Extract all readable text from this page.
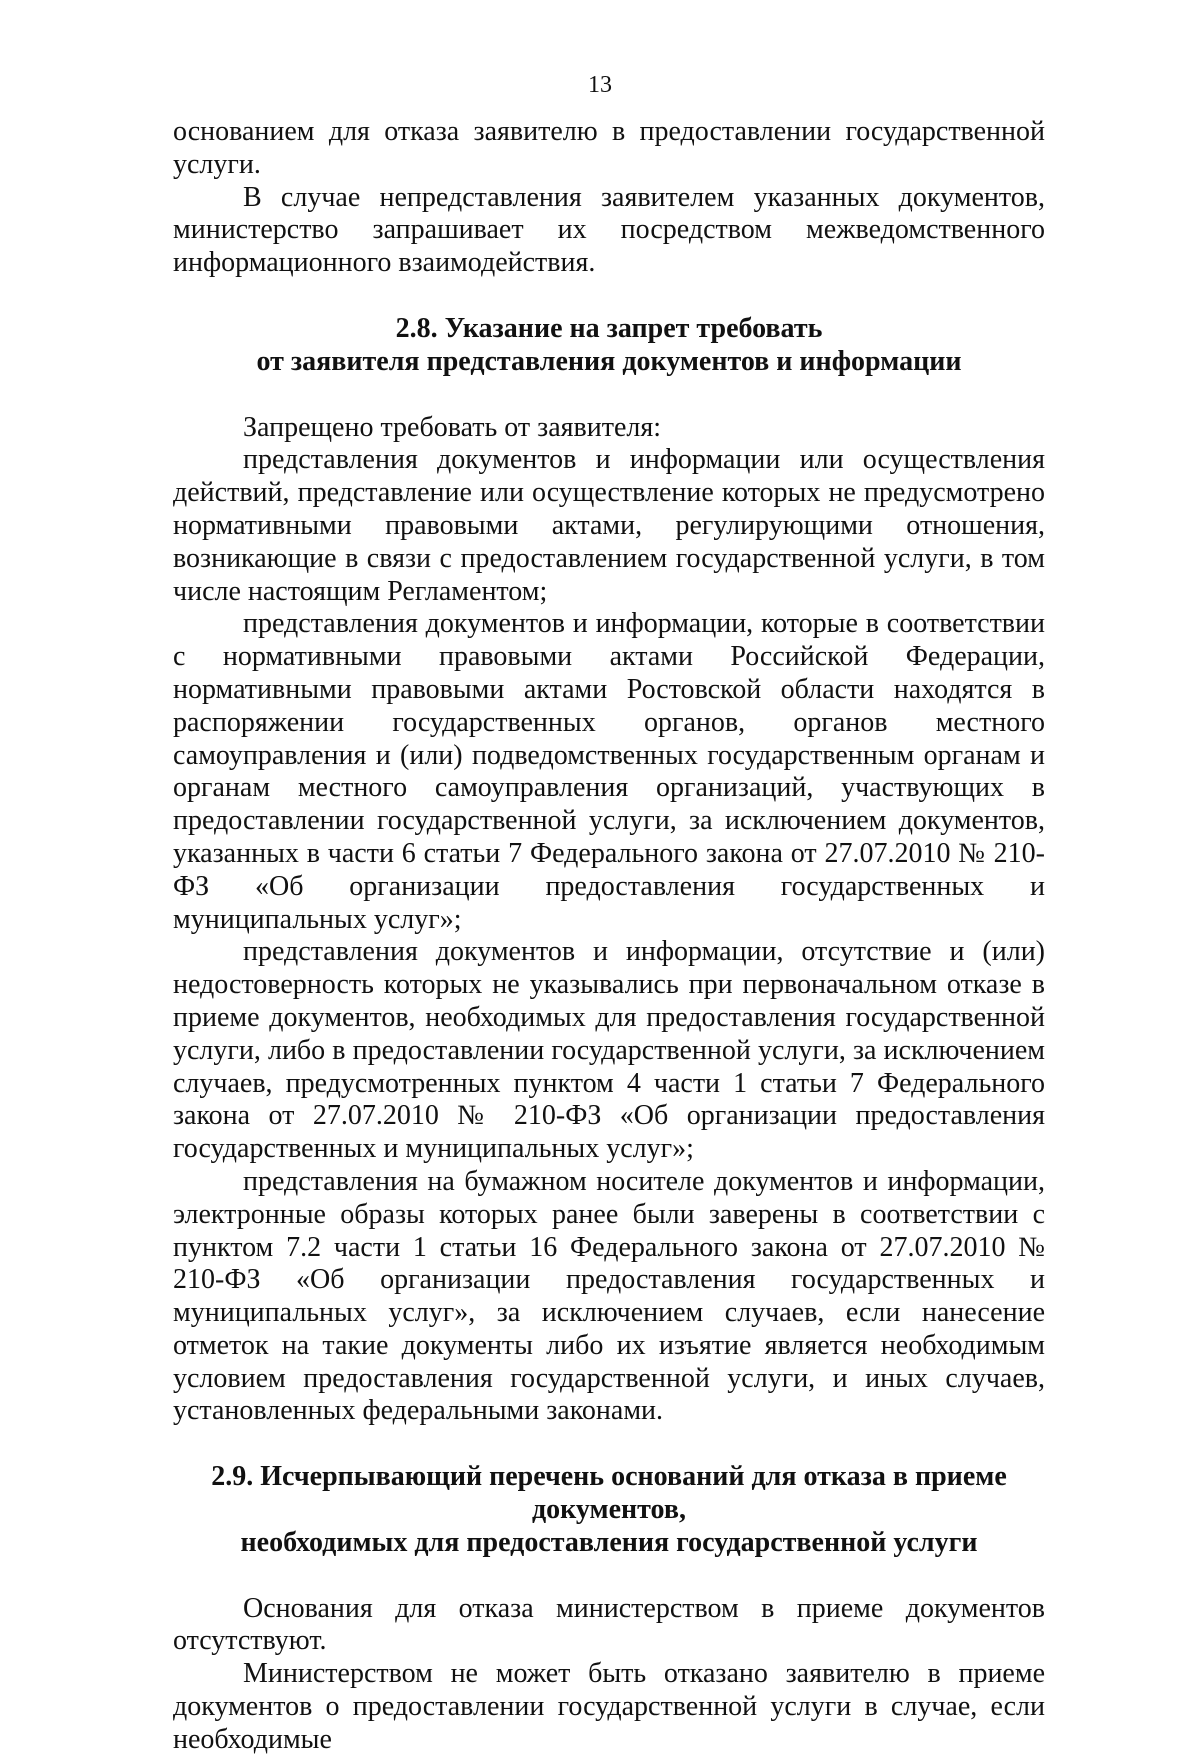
13

основанием для отказа заявителю в предоставлении государственной услуги.

В случае непредставления заявителем указанных документов, министерство запрашивает их посредством межведомственного информационного взаимодействия.

2.8. Указание на запрет требовать
от заявителя представления документов и информации

Запрещено требовать от заявителя:

представления документов и информации или осуществления действий, представление или осуществление которых не предусмотрено нормативными правовыми актами, регулирующими отношения, возникающие в связи с предоставлением государственной услуги, в том числе настоящим Регламентом;

представления документов и информации, которые в соответствии с нормативными правовыми актами Российской Федерации, нормативными правовыми актами Ростовской области находятся в распоряжении государственных органов, органов местного самоуправления и (или) подведомственных государственным органам и органам местного самоуправления организаций, участвующих в предоставлении государственной услуги, за исключением документов, указанных в части 6 статьи 7 Федерального закона от 27.07.2010 № 210-ФЗ «Об организации предоставления государственных и муниципальных услуг»;

представления документов и информации, отсутствие и (или) недостоверность которых не указывались при первоначальном отказе в приеме документов, необходимых для предоставления государственной услуги, либо в предоставлении государственной услуги, за исключением случаев, предусмотренных пунктом 4 части 1 статьи 7 Федерального закона от 27.07.2010 № 210-ФЗ «Об организации предоставления государственных и муниципальных услуг»;

представления на бумажном носителе документов и информации, электронные образы которых ранее были заверены в соответствии с пунктом 7.2 части 1 статьи 16 Федерального закона от 27.07.2010 № 210-ФЗ «Об организации предоставления государственных и муниципальных услуг», за исключением случаев, если нанесение отметок на такие документы либо их изъятие является необходимым условием предоставления государственной услуги, и иных случаев, установленных федеральными законами.

2.9. Исчерпывающий перечень оснований для отказа в приеме документов,
необходимых для предоставления государственной услуги

Основания для отказа министерством в приеме документов отсутствуют.

Министерством не может быть отказано заявителю в приеме документов о предоставлении государственной услуги в случае, если необходимые
